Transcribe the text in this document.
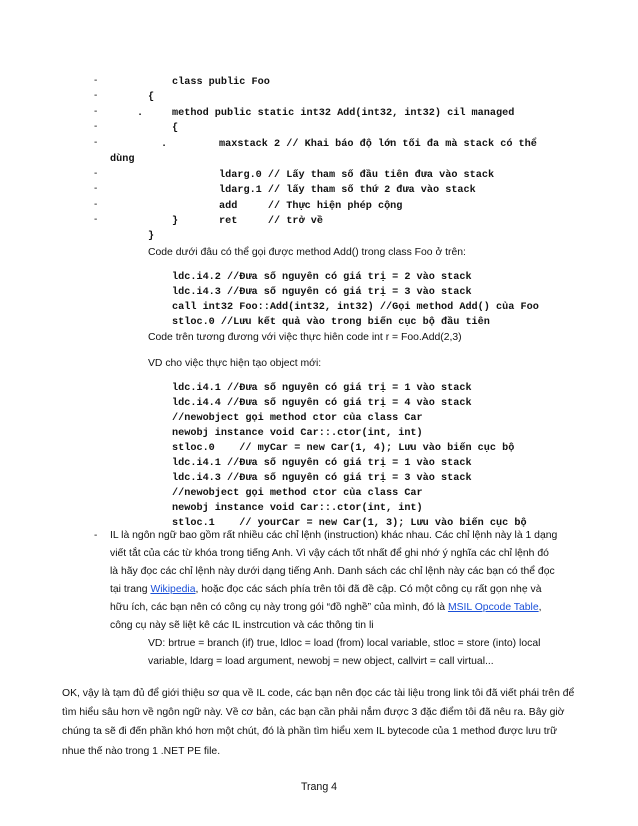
-
-
-
-
-
-
-
-
-
.
.
class public Foo
{
method public static int32 Add(int32, int32) cil managed
{
maxstack 2 // Khai báo độ lớn tối đa mà stack có thể
dùng
ldarg.0 // Lấy tham số đầu tiên đưa vào stack
ldarg.1 // lấy tham số thứ 2 đưa vào stack
add     // Thực hiện phép cộng
ret     // trở về
}
}
Code dưới đâu có thể gọi được method Add() trong class Foo ở trên:
ldc.i4.2 //Đưa số nguyên có giá trị = 2 vào stack
ldc.i4.3 //Đưa số nguyên có giá trị = 3 vào stack
call int32 Foo::Add(int32, int32) //Gọi method Add() của Foo
stloc.0 //Lưu kết quả vào trong biến cục bộ đầu tiên
Code trên tương đương với việc thực hiên code int r = Foo.Add(2,3)
VD cho việc thực hiện tạo object mới:
ldc.i4.1 //Đưa số nguyên có giá trị = 1 vào stack
ldc.i4.4 //Đưa số nguyên có giá trị = 4 vào stack
//newobject gọi method ctor của class Car
newobj instance void Car::.ctor(int, int)
stloc.0    // myCar = new Car(1, 4); Lưu vào biến cục bộ
ldc.i4.1 //Đưa số nguyên có giá trị = 1 vào stack
ldc.i4.3 //Đưa số nguyên có giá trị = 3 vào stack
//newobject gọi method ctor của class Car
newobj instance void Car::.ctor(int, int)
stloc.1    // yourCar = new Car(1, 3); Lưu vào biến cục bộ
- IL là ngôn ngữ bao gồm rất nhiều các chỉ lệnh (instruction) khác nhau. Các chỉ lệnh này là 1 dạng
viết tắt của các từ khóa trong tiếng Anh. Vì vậy cách tốt nhất để ghi nhớ ý nghĩa các chỉ lệnh đó
là hãy đọc các chỉ lệnh này dưới dạng tiếng Anh. Danh sách các chỉ lệnh này các bạn có thể đọc
tại trang Wikipedia, hoặc đọc các sách phía trên tôi đã đề cập. Có một công cụ rất gọn nhẹ và
hữu ích, các bạn nên có công cụ này trong gói “đồ nghề” của mình, đó là MSIL Opcode Table,
công cụ này sẽ liệt kê các IL instrcution và các thông tin li
VD: brtrue = branch (if) true, ldloc = load (from) local variable, stloc = store (into) local
variable, ldarg = load argument, newobj = new object, callvirt = call virtual...
OK, vậy là tạm đủ để giới thiệu sơ qua về IL code, các bạn nên đọc các tài liệu trong link tôi đã viết phái trên để tìm hiểu sâu hơn về ngôn ngữ này. Về cơ bản, các bạn cần phải nắm được 3 đặc điểm tôi đã nêu ra. Bây giờ chúng ta sẽ đi đến phần khó hơn một chút, đó là phần tìm hiểu xem IL bytecode của 1 method được lưu trữ nhue thế nào trong 1 .NET PE file.
Trang 4
